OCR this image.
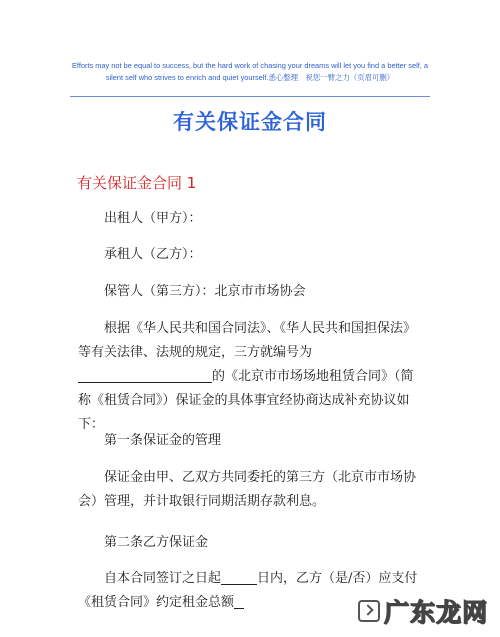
Efforts may not be equal to success, but the hard work of chasing your dreams will let you find a better self, a silent self who strives to enrich and quiet yourself.悉心整理　祝您一臂之力（页眉可删）
有关保证金合同
有关保证金合同 1
出租人（甲方）：
承租人（乙方）：
保管人（第三方）：北京市市场协会
根据《华人民共和国合同法》、《华人民共和国担保法》等有关法律、法规的规定，三方就编号为的《北京市市场场地租赁合同》（简称《租赁合同》）保证金的具体事宜经协商达成补充协议如下：
第一条保证金的管理
保证金由甲、乙双方共同委托的第三方（北京市市场协会）管理，并计取银行同期活期存款利息。
第二条乙方保证金
自本合同签订之日起	日内，乙方（是/否）应支付《租赁合同》约定租金总额	广东龙网
